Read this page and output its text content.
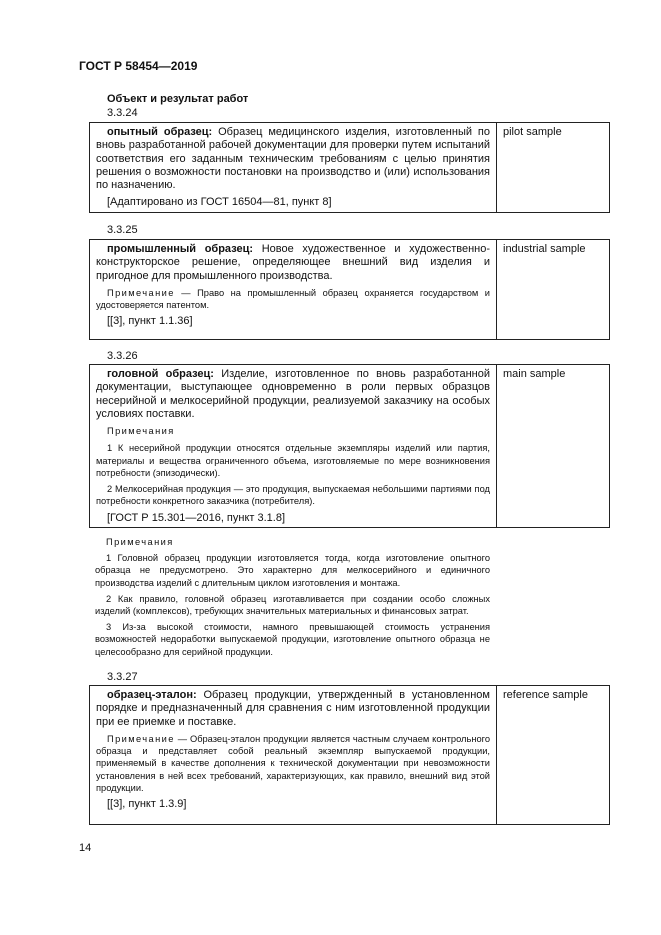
ГОСТ Р 58454—2019
Объект и результат работ
3.3.24

опытный образец: Образец медицинского изделия, изготовленный по вновь разработанной рабочей документации для проверки путем испытаний соответствия его заданным техническим требованиям с целью принятия решения о возможности постановки на производство и (или) использования по назначению.

[Адаптировано из ГОСТ 16504—81, пункт 8]

pilot sample
3.3.25

промышленный образец: Новое художественное и художественно-конструкторское решение, определяющее внешний вид изделия и пригодное для промышленного производства.

Примечание — Право на промышленный образец охраняется государством и удостоверяется патентом.

[[3], пункт 1.1.36]

industrial sample
3.3.26

головной образец: Изделие, изготовленное по вновь разработанной документации, выступающее одновременно в роли первых образцов несерийной и мелкосерийной продукции, реализуемой заказчику на особых условиях поставки.

Примечания

1 К несерийной продукции относятся отдельные экземпляры изделий или партия, материалы и вещества ограниченного объема, изготовляемые по мере возникновения потребности (эпизодически).

2 Мелкосерийная продукция — это продукция, выпускаемая небольшими партиями под потребности конкретного заказчика (потребителя).

[ГОСТ Р 15.301—2016, пункт 3.1.8]

main sample

Примечания

1 Головной образец продукции изготовляется тогда, когда изготовление опытного образца не предусмотрено. Это характерно для мелкосерийного и единичного производства изделий с длительным циклом изготовления и монтажа.

2 Как правило, головной образец изготавливается при создании особо сложных изделий (комплексов), требующих значительных материальных и финансовых затрат.

3 Из-за высокой стоимости, намного превышающей стоимость устранения возможностей недоработки выпускаемой продукции, изготовление опытного образца не целесообразно для серийной продукции.

3.3.27

образец-эталон: Образец продукции, утвержденный в установленном порядке и предназначенный для сравнения с ним изготовленной продукции при ее приемке и поставке.

Примечание — Образец-эталон продукции является частным случаем контрольного образца и представляет собой реальный экземпляр выпускаемой продукции, применяемый в качестве дополнения к технической документации при невозможности установления в ней всех требований, характеризующих, как правило, внешний вид этой продукции.

[[3], пункт 1.3.9]

reference sample
14
